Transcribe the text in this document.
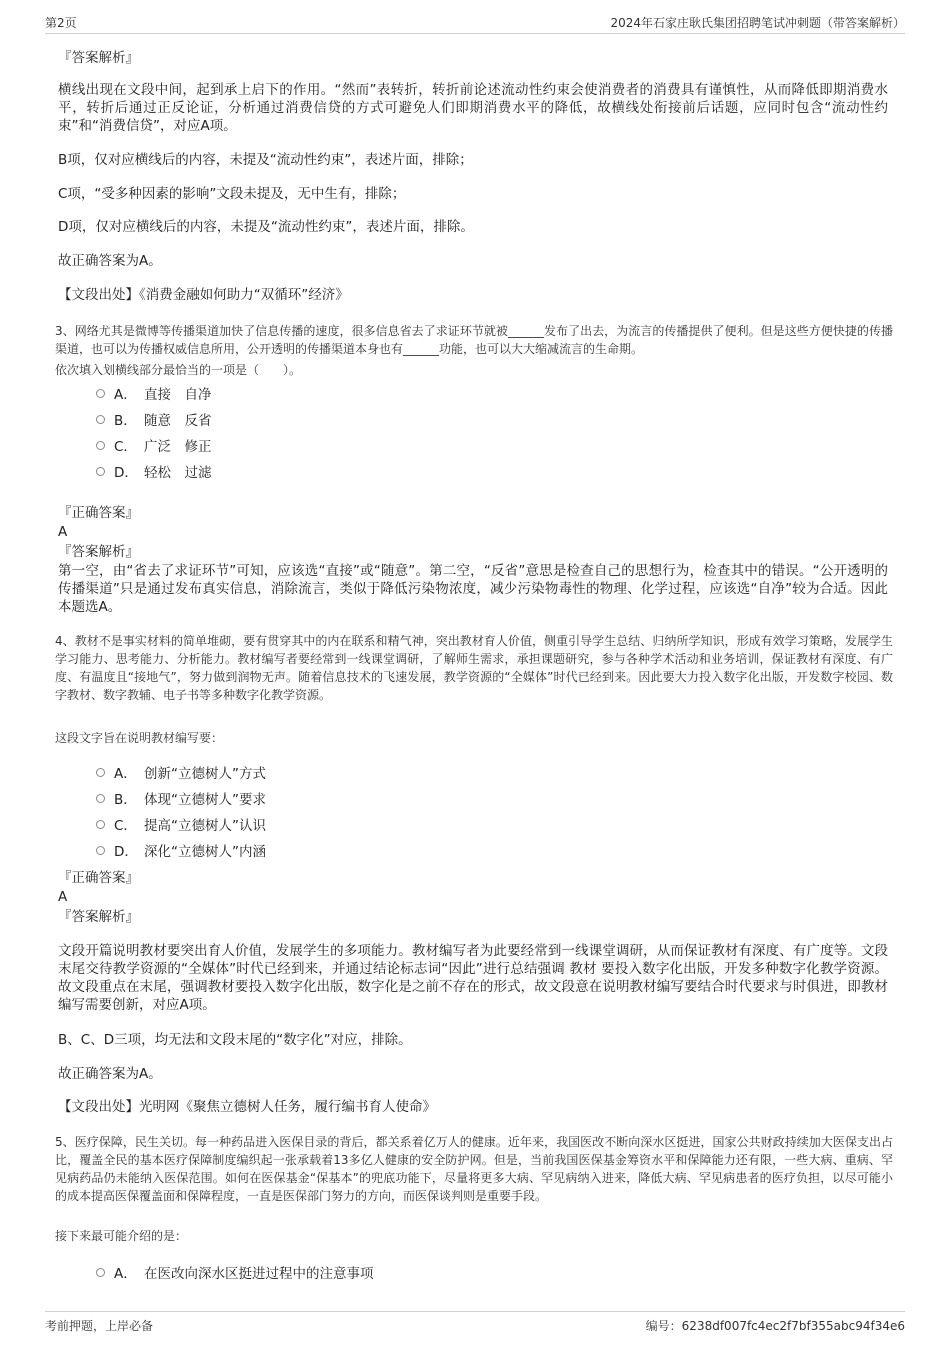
第2页	2024年石家庄耿氏集团招聘笔试冲刺题（带答案解析）
『答案解析』
横线出现在文段中间，起到承上启下的作用。“然而”表转折，转折前论述流动性约束会使消费者的消费具有谨慎性，从而降低即期消费水平，转折后通过正反论证，分析通过消费信贷的方式可避免人们即期消费水平的降低，故横线处衔接前后话题，应同时包含“流动性约束”和“消费信贷”，对应A项。
B项，仅对应横线后的内容，未提及“流动性约束”，表述片面，排除；
C项，“受多种因素的影响”文段未提及，无中生有，排除；
D项，仅对应横线后的内容，未提及“流动性约束”，表述片面，排除。
故正确答案为A。
【文段出处】《消费金融如何助力“双循环”经济》
3、网络尤其是微博等传播渠道加快了信息传播的速度，很多信息省去了求证环节就被______发布了出去，为流言的传播提供了便利。但是这些方便快捷的传播渠道，也可以为传播权威信息所用，公开透明的传播渠道本身也有______功能，也可以大大缩减流言的生命期。
依次填入划横线部分最恰当的一项是（　　）。
A． 直接　自净
B． 随意　反省
C． 广泛　修正
D． 轻松　过滤
『正确答案』
A
『答案解析』
第一空，由“省去了求证环节”可知，应该选“直接”或“随意”。第二空，“反省”意思是检查自己的思想行为，检查其中的错误。“公开透明的传播渠道”只是通过发布真实信息，消除流言，类似于降低污染物浓度，减少污染物毒性的物理、化学过程，应该选“自净”较为合适。因此本题选A。
4、教材不是事实材料的简单堆砌，要有贯穿其中的内在联系和精气神，突出教材育人价值，侧重引导学生总结、归纳所学知识，形成有效学习策略，发展学生学习能力、思考能力、分析能力。教材编写者要经常到一线课堂调研，了解师生需求，承担课题研究，参与各种学术活动和业务培训，保证教材有深度、有广度、有温度且“接地气”，努力做到润物无声。随着信息技术的飞速发展，教学资源的“全媒体”时代已经到来。因此要大力投入数字化出版，开发数字校园、数字教材、数字教辅、电子书等多种数字化教学资源。
这段文字旨在说明教材编写要：
A． 创新“立德树人”方式
B． 体现“立德树人”要求
C． 提高“立德树人”认识
D． 深化“立德树人”内涵
『正确答案』
A
『答案解析』
文段开篇说明教材要突出育人价值，发展学生的多项能力。教材编写者为此要经常到一线课堂调研，从而保证教材有深度、有广度等。文段末尾交待教学资源的“全媒体”时代已经到来，并通过结论标志词“因此”进行总结强调 教材 要投入数字化出版，开发多种数字化教学资源。故文段重点在末尾，强调教材要投入数字化出版，数字化是之前不存在的形式，故文段意在说明教材编写要结合时代要求与时俱进，即教材编写需要创新，对应A项。
B、C、D三项，均无法和文段末尾的“数字化”对应，排除。
故正确答案为A。
【文段出处】光明网《聚焦立德树人任务，履行编书育人使命》
5、医疗保障，民生关切。每一种药品进入医保目录的背后，都关系着亿万人的健康。近年来，我国医改不断向深水区挺进，国家公共财政持续加大医保支出占比，覆盖全民的基本医疗保障制度编织起一张承载着13多亿人健康的安全防护网。但是，当前我国医保基金筹资水平和保障能力还有限，一些大病、重病、罕见病药品仍未能纳入医保范围。如何在医保基金“保基本”的兜底功能下，尽量将更多大病、罕见病纳入进来，降低大病、罕见病患者的医疗负担，以尽可能小的成本提高医保覆盖面和保障程度，一直是医保部门努力的方向，而医保谈判则是重要手段。
接下来最可能介绍的是：
A． 在医改向深水区挺进过程中的注意事项
考前押题，上岸必备	编号：6238df007fc4ec2f7bf355abc94f34e6
